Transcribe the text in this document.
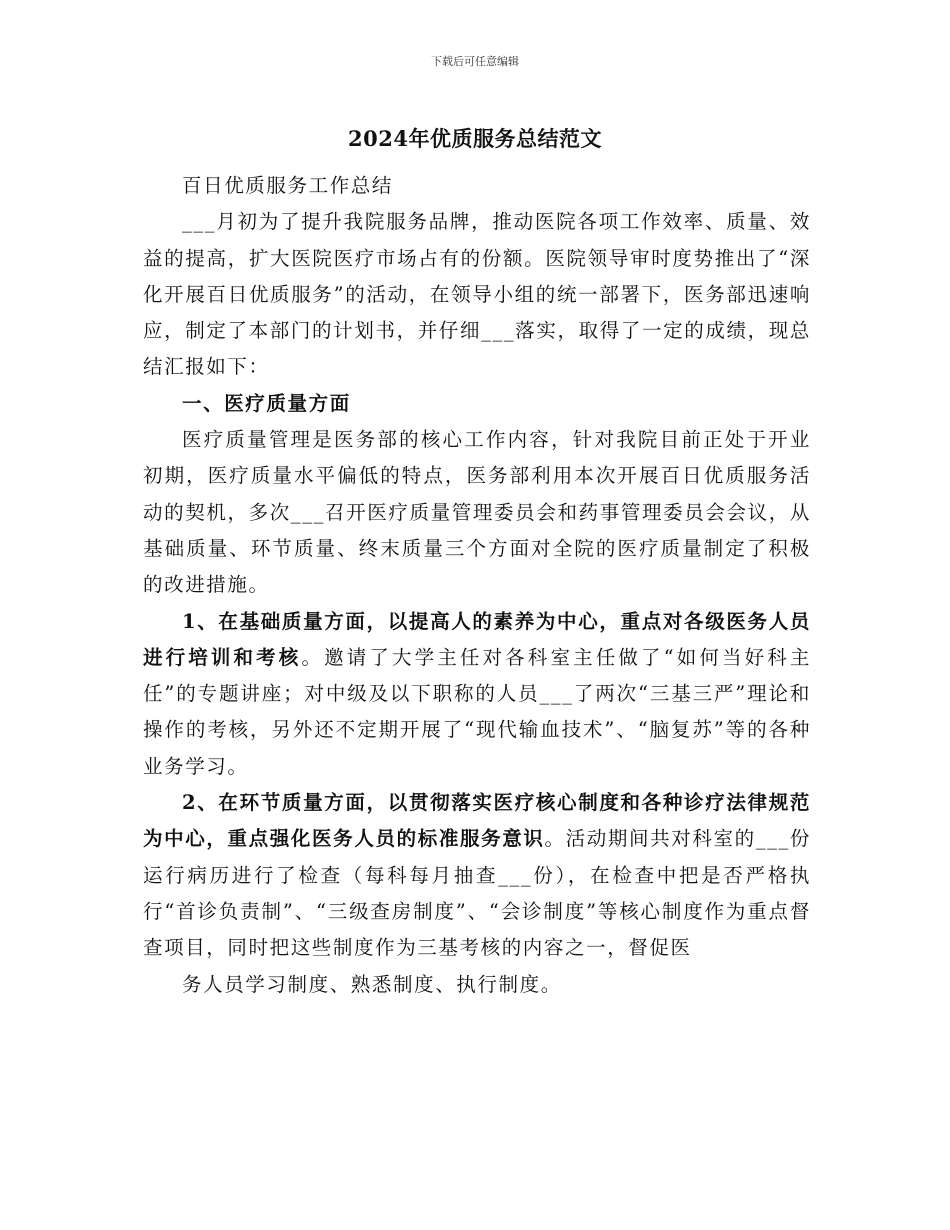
下载后可任意编辑
2024年优质服务总结范文

百日优质服务工作总结

___月初为了提升我院服务品牌，推动医院各项工作效率、质量、效益的提高，扩大医院医疗市场占有的份额。医院领导审时度势推出了“深化开展百日优质服务”的活动，在领导小组的统一部署下，医务部迅速响应，制定了本部门的计划书，并仔细___落实，取得了一定的成绩，现总结汇报如下：

一、医疗质量方面

医疗质量管理是医务部的核心工作内容，针对我院目前正处于开业初期，医疗质量水平偏低的特点，医务部利用本次开展百日优质服务活动的契机，多次___召开医疗质量管理委员会和药事管理委员会会议，从基础质量、环节质量、终末质量三个方面对全院的医疗质量制定了积极的改进措施。

1、在基础质量方面，以提高人的素养为中心，重点对各级医务人员进行培训和考核。邀请了大学主任对各科室主任做了“如何当好科主任”的专题讲座；对中级及以下职称的人员___了两次“三基三严”理论和操作的考核，另外还不定期开展了“现代输血技术”、“脑复苏”等的各种业务学习。

2、在环节质量方面，以贯彻落实医疗核心制度和各种诊疗法律规范为中心，重点强化医务人员的标准服务意识。活动期间共对科室的___份运行病历进行了检查（每科每月抽查___份），在检查中把是否严格执行“首诊负责制”、“三级查房制度”、“会诊制度”等核心制度作为重点督查项目，同时把这些制度作为三基考核的内容之一，督促医

务人员学习制度、熟悉制度、执行制度。
